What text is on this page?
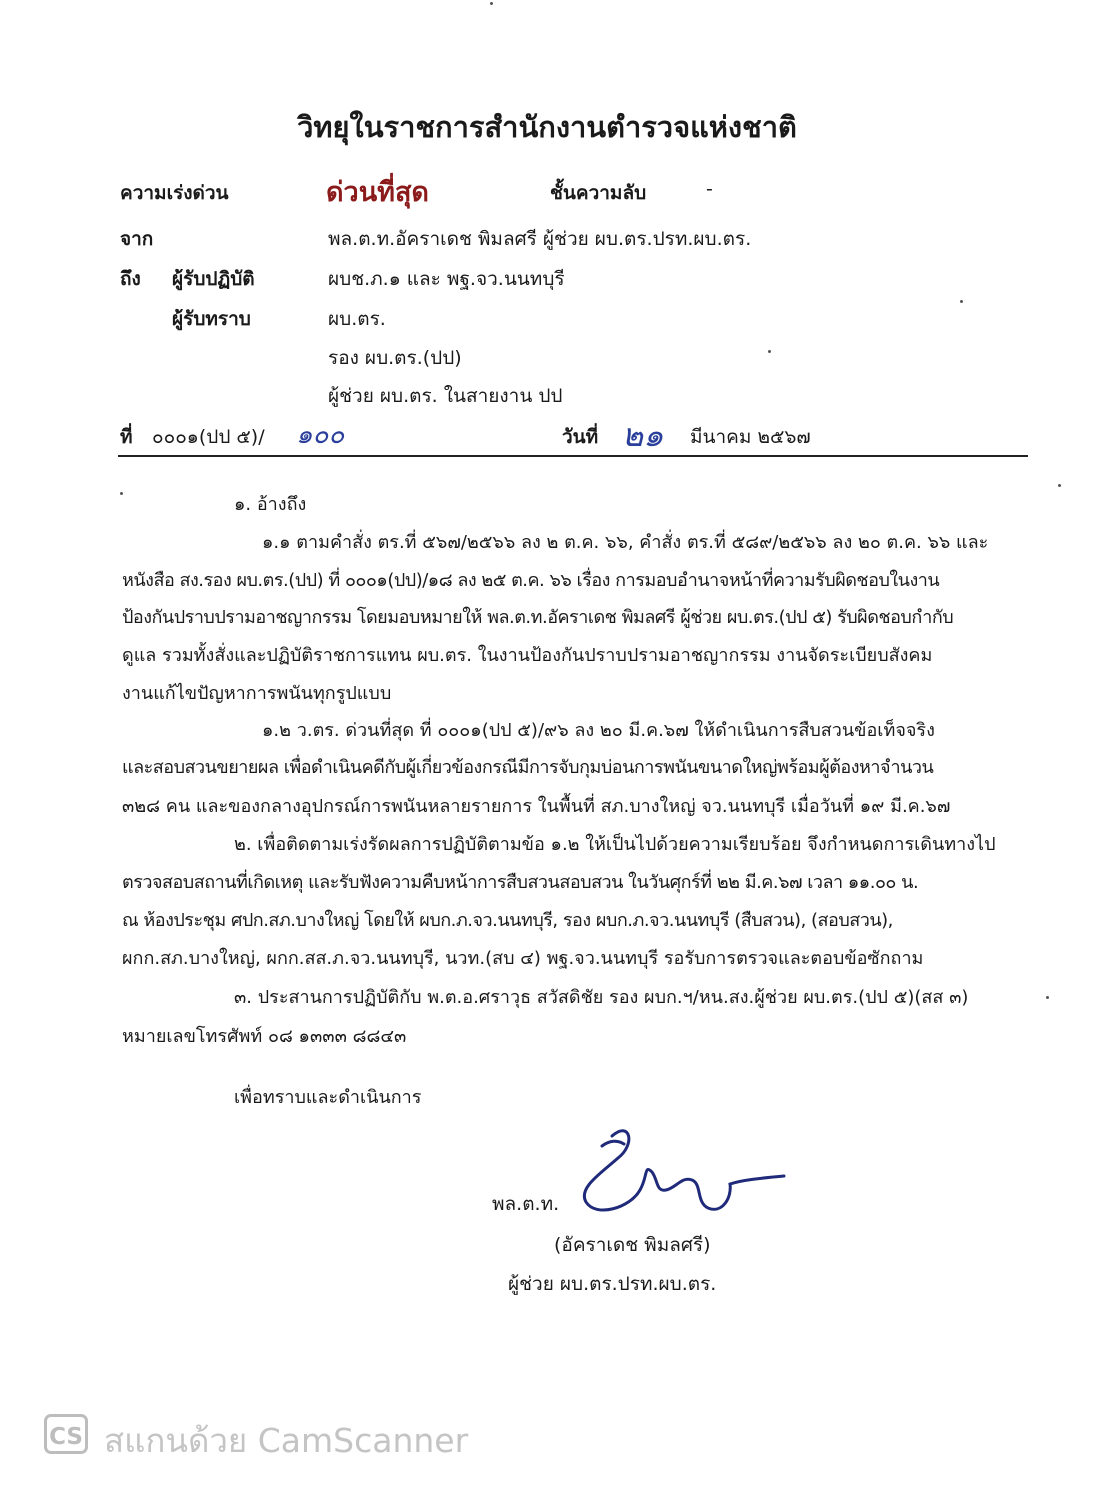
วิทยุในราชการสำนักงานตำรวจแห่งชาติ
ความเร่งด่วน	ด่วนที่สุด	ชั้นความลับ	-
จาก	พล.ต.ท.อัคราเดช พิมลศรี ผู้ช่วย ผบ.ตร.ปรท.ผบ.ตร.
ถึง ผู้รับปฏิบัติ	ผบช.ภ.๑ และ พฐ.จว.นนทบุรี
ผู้รับทราบ	ผบ.ตร.
รอง ผบ.ตร.(ปป)
ผู้ช่วย ผบ.ตร. ในสายงาน ปป
ที่ ๐๐๐๑(ปป ๕)/ ๑๐๐	วันที่ ๒๑ มีนาคม ๒๕๖๗
๑. อ้างถึง
๑.๑ ตามคำสั่ง ตร.ที่ ๕๖๗/๒๕๖๖ ลง ๒ ต.ค. ๖๖, คำสั่ง ตร.ที่ ๕๘๙/๒๕๖๖ ลง ๒๐ ต.ค. ๖๖ และ
หนังสือ สง.รอง ผบ.ตร.(ปป) ที่ ๐๐๐๑(ปป)/๑๘ ลง ๒๕ ต.ค. ๖๖ เรื่อง การมอบอำนาจหน้าที่ความรับผิดชอบในงาน
ป้องกันปราบปรามอาชญากรรม โดยมอบหมายให้ พล.ต.ท.อัคราเดช พิมลศรี ผู้ช่วย ผบ.ตร.(ปป ๕) รับผิดชอบกำกับ
ดูแล รวมทั้งสั่งและปฏิบัติราชการแทน ผบ.ตร. ในงานป้องกันปราบปรามอาชญากรรม งานจัดระเบียบสังคม
งานแก้ไขปัญหาการพนันทุกรูปแบบ
๑.๒ ว.ตร. ด่วนที่สุด ที่ ๐๐๐๑(ปป ๕)/๙๖ ลง ๒๐ มี.ค.๖๗ ให้ดำเนินการสืบสวนข้อเท็จจริง
และสอบสวนขยายผล เพื่อดำเนินคดีกับผู้เกี่ยวข้องกรณีมีการจับกุมบ่อนการพนันขนาดใหญ่พร้อมผู้ต้องหาจำนวน
๓๒๘ คน และของกลางอุปกรณ์การพนันหลายรายการ ในพื้นที่ สภ.บางใหญ่ จว.นนทบุรี เมื่อวันที่ ๑๙ มี.ค.๖๗
๒. เพื่อติดตามเร่งรัดผลการปฏิบัติตามข้อ ๑.๒ ให้เป็นไปด้วยความเรียบร้อย จึงกำหนดการเดินทางไป
ตรวจสอบสถานที่เกิดเหตุ และรับฟังความคืบหน้าการสืบสวนสอบสวน ในวันศุกร์ที่ ๒๒ มี.ค.๖๗ เวลา ๑๑.๐๐ น.
ณ ห้องประชุม ศปก.สภ.บางใหญ่ โดยให้ ผบก.ภ.จว.นนทบุรี, รอง ผบก.ภ.จว.นนทบุรี (สืบสวน), (สอบสวน),
ผกก.สภ.บางใหญ่, ผกก.สส.ภ.จว.นนทบุรี, นวท.(สบ ๔) พฐ.จว.นนทบุรี รอรับการตรวจและตอบข้อซักถาม
๓. ประสานการปฏิบัติกับ พ.ต.อ.ศราวุธ สวัสดิชัย รอง ผบก.ฯ/หน.สง.ผู้ช่วย ผบ.ตร.(ปป ๕)(สส ๓)
หมายเลขโทรศัพท์ ๐๘ ๑๓๓๓ ๘๘๔๓
เพื่อทราบและดำเนินการ
พล.ต.ท.
(อัคราเดช พิมลศรี)
ผู้ช่วย ผบ.ตร.ปรท.ผบ.ตร.
CS สแกนด้วย CamScanner
